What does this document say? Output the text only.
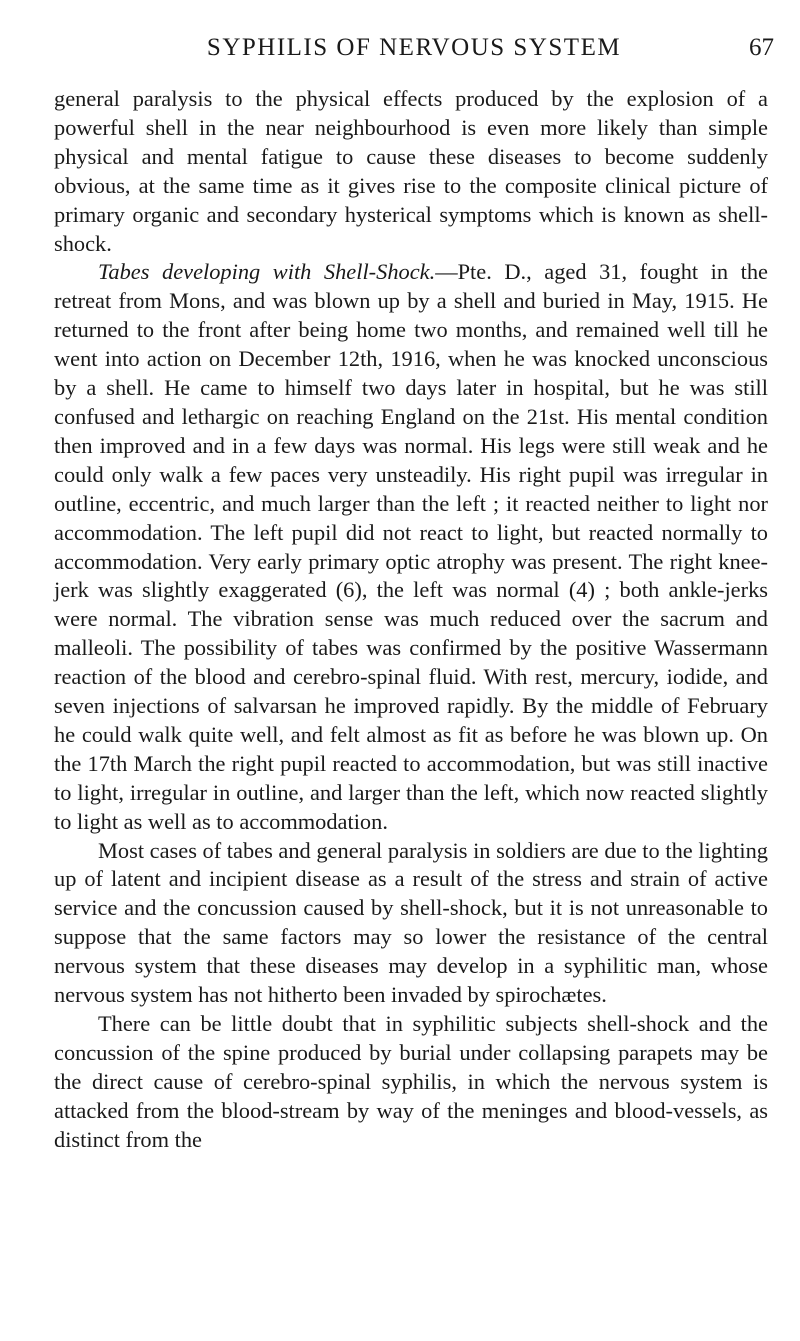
SYPHILIS OF NERVOUS SYSTEM	67

general paralysis to the physical effects produced by the explosion of a powerful shell in the near neighbourhood is even more likely than simple physical and mental fatigue to cause these diseases to become suddenly obvious, at the same time as it gives rise to the composite clinical picture of primary organic and secondary hysterical symptoms which is known as shell-shock.

Tabes developing with Shell-Shock.—Pte. D., aged 31, fought in the retreat from Mons, and was blown up by a shell and buried in May, 1915. He returned to the front after being home two months, and remained well till he went into action on December 12th, 1916, when he was knocked unconscious by a shell. He came to himself two days later in hospital, but he was still confused and lethargic on reaching England on the 21st. His mental condition then improved and in a few days was normal. His legs were still weak and he could only walk a few paces very unsteadily. His right pupil was irregular in outline, eccentric, and much larger than the left ; it reacted neither to light nor accommodation. The left pupil did not react to light, but reacted normally to accommodation. Very early primary optic atrophy was present. The right knee-jerk was slightly exaggerated (6), the left was normal (4) ; both ankle-jerks were normal. The vibration sense was much reduced over the sacrum and malleoli. The possibility of tabes was confirmed by the positive Wassermann reaction of the blood and cerebro-spinal fluid. With rest, mercury, iodide, and seven injections of salvarsan he improved rapidly. By the middle of February he could walk quite well, and felt almost as fit as before he was blown up. On the 17th March the right pupil reacted to accommodation, but was still inactive to light, irregular in outline, and larger than the left, which now reacted slightly to light as well as to accommodation.

Most cases of tabes and general paralysis in soldiers are due to the lighting up of latent and incipient disease as a result of the stress and strain of active service and the concussion caused by shell-shock, but it is not unreasonable to suppose that the same factors may so lower the resistance of the central nervous system that these diseases may develop in a syphilitic man, whose nervous system has not hitherto been invaded by spirochætes.

There can be little doubt that in syphilitic subjects shell-shock and the concussion of the spine produced by burial under collapsing parapets may be the direct cause of cerebro-spinal syphilis, in which the nervous system is attacked from the blood-stream by way of the meninges and blood-vessels, as distinct from the
